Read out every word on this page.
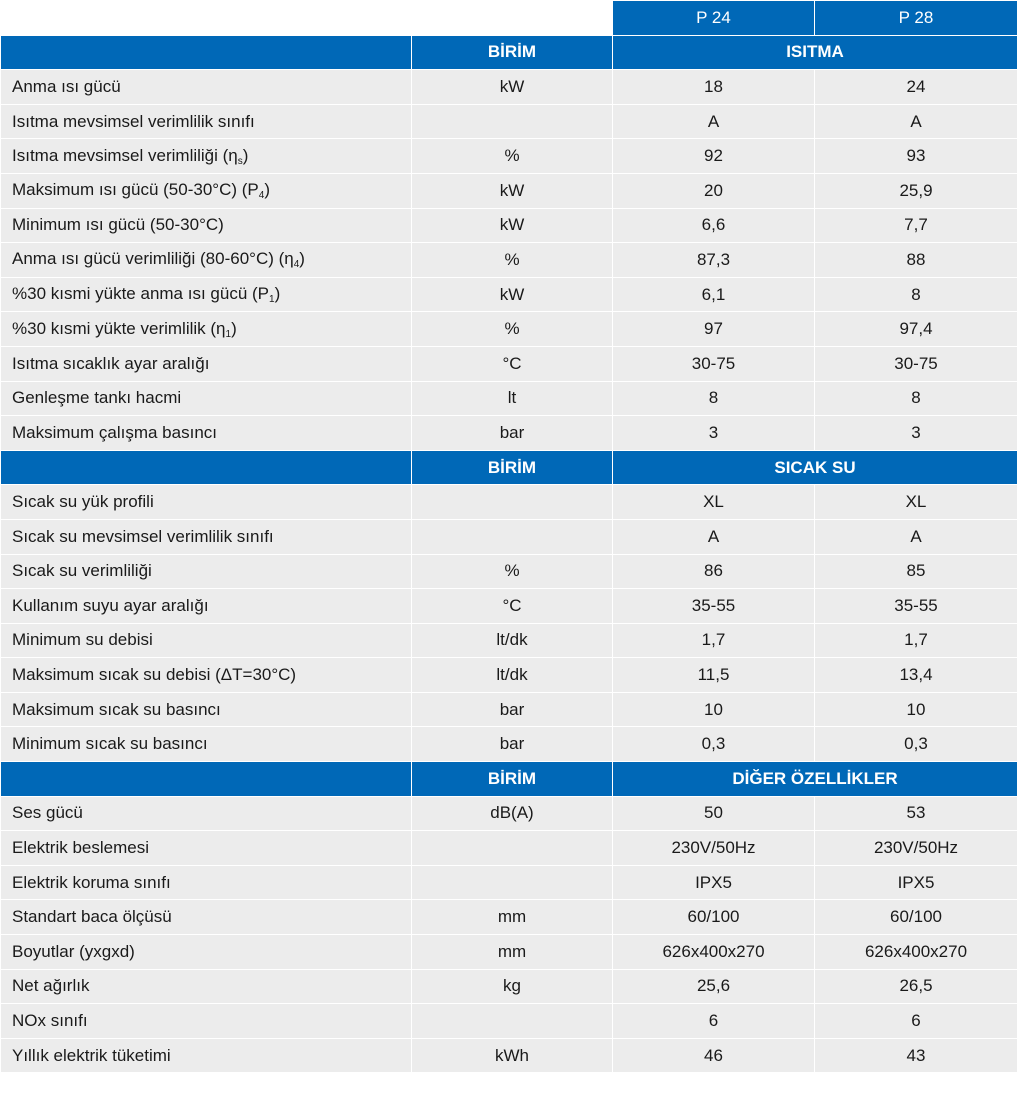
		P 24	P 28
	BİRİM	ISITMA	
Anma ısı gücü	kW	18	24
Isıtma mevsimsel verimlilik sınıfı		A	A
Isıtma mevsimsel verimliliği $(\eta_s)$	%	92	93
Maksimum ısı gücü (50-30°C) $(P_4)$	kW	20	25,9
Minimum ısı gücü (50-30°C)	kW	6,6	7,7
Anma ısı gücü verimliliği (80-60°C) $(\eta_4)$	%	87,3	88
%30 kısmi yükte anma ısı gücü $(P_1)$	kW	6,1	8
%30 kısmi yükte verimlilik $(\eta_1)$	%	97	97,4
Isıtma sıcaklık ayar aralığı	°C	30-75	30-75
Genleşme tankı hacmi	lt	8	8
Maksimum çalışma basıncı	bar	3	3
	BİRİM	SICAK SU	
Sıcak su yük profili		XL	XL
Sıcak su mevsimsel verimlilik sınıfı		A	A
Sıcak su verimliliği	%	86	85
Kullanım suyu ayar aralığı	°C	35-55	35-55
Minimum su debisi	lt/dk	1,7	1,7
Maksimum sıcak su debisi (ΔT=30°C)	lt/dk	11,5	13,4
Maksimum sıcak su basıncı	bar	10	10
Minimum sıcak su basıncı	bar	0,3	0,3
	BİRİM	DİĞER ÖZELLİKLER	
Ses gücü	dB(A)	50	53
Elektrik beslemesi		230V/50Hz	230V/50Hz
Elektrik koruma sınıfı		IPX5	IPX5
Standart baca ölçüsü	mm	60/100	60/100
Boyutlar (yxgxd)	mm	626x400x270	626x400x270
Net ağırlık	kg	25,6	26,5
NOx sınıfı		6	6
Yıllık elektrik tüketimi	kWh	46	43
